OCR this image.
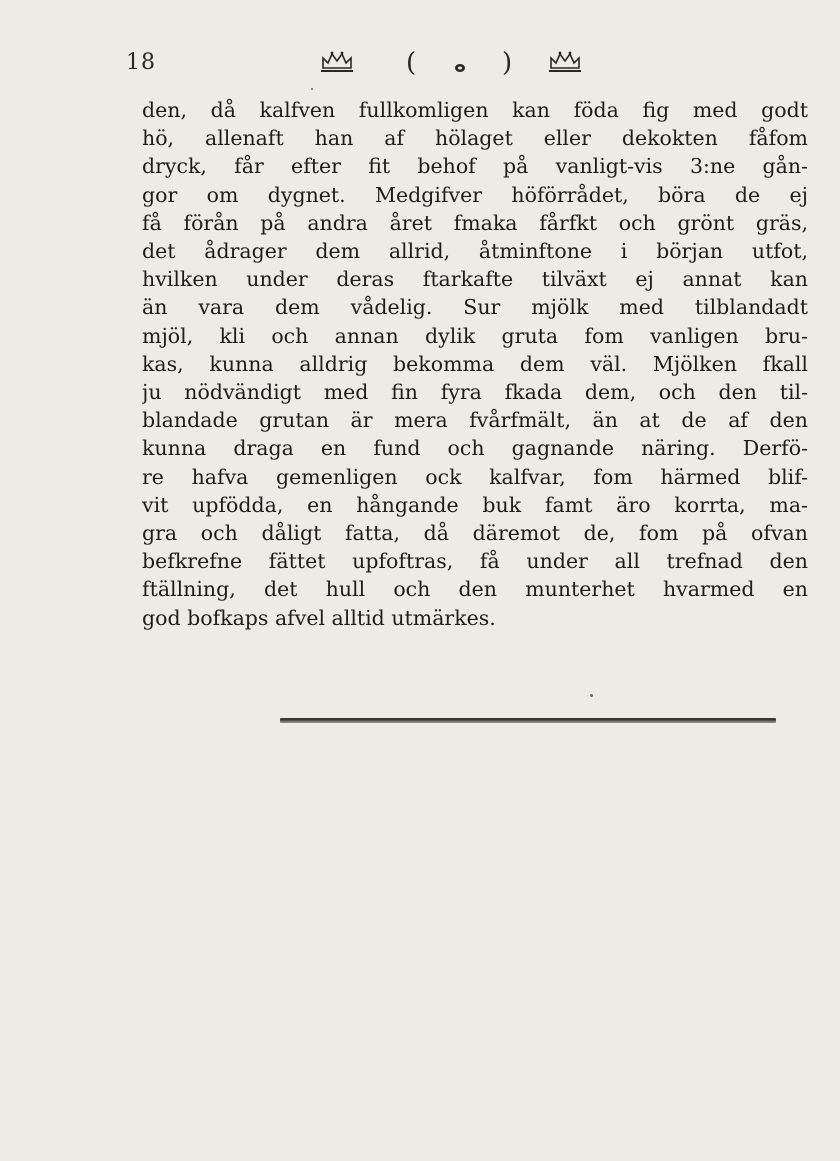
18	(	)

den, då kalfven fullkomligen kan föda fig med godt
hö, allenaft han af hölaget eller dekokten fåfom
dryck, får efter fit behof på vanligt-vis 3:ne gån-
gor om dygnet. Medgifver höförrådet, böra de ej
få förån på andra året fmaka fårfkt och grönt gräs,
det ådrager dem allrid, åtminftone i början utfot,
hvilken under deras ftarkafte tilväxt ej annat kan
än vara dem vådelig. Sur mjölk med tilblandadt
mjöl, kli och annan dylik gruta fom vanligen bru-
kas, kunna alldrig bekomma dem väl. Mjölken fkall
ju nödvändigt med fin fyra fkada dem, och den til-
blandade grutan är mera fvårfmält, än at de af den
kunna draga en fund och gagnande näring. Derfö-
re hafva gemenligen ock kalfvar, fom härmed blif-
vit upfödda, en hångande buk famt äro korrta, ma-
gra och dåligt fatta, då däremot de, fom på ofvan
befkrefne fättet upfoftras, få under all trefnad den
ftällning, det hull och den munterhet hvarmed en
god bofkaps afvel alltid utmärkes.
